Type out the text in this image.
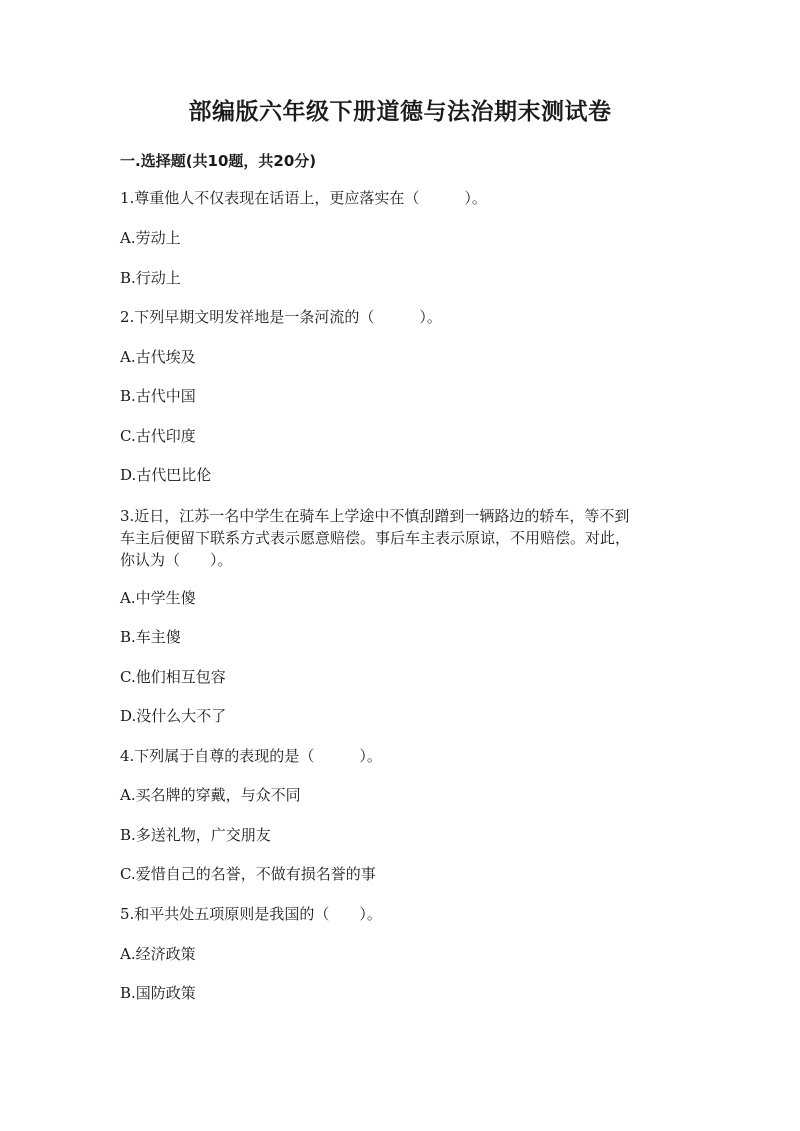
部编版六年级下册道德与法治期末测试卷
一.选择题(共10题，共20分)
1.尊重他人不仅表现在话语上，更应落实在（　　　）。
A.劳动上
B.行动上
2.下列早期文明发祥地是一条河流的（　　　）。
A.古代埃及
B.古代中国
C.古代印度
D.古代巴比伦
3.近日，江苏一名中学生在骑车上学途中不慎刮蹭到一辆路边的轿车，等不到
车主后便留下联系方式表示愿意赔偿。事后车主表示原谅，不用赔偿。对此，
你认为（　　）。
A.中学生傻
B.车主傻
C.他们相互包容
D.没什么大不了
4.下列属于自尊的表现的是（　　　）。
A.买名牌的穿戴，与众不同
B.多送礼物，广交朋友
C.爱惜自己的名誉，不做有损名誉的事
5.和平共处五项原则是我国的（　　）。
A.经济政策
B.国防政策
